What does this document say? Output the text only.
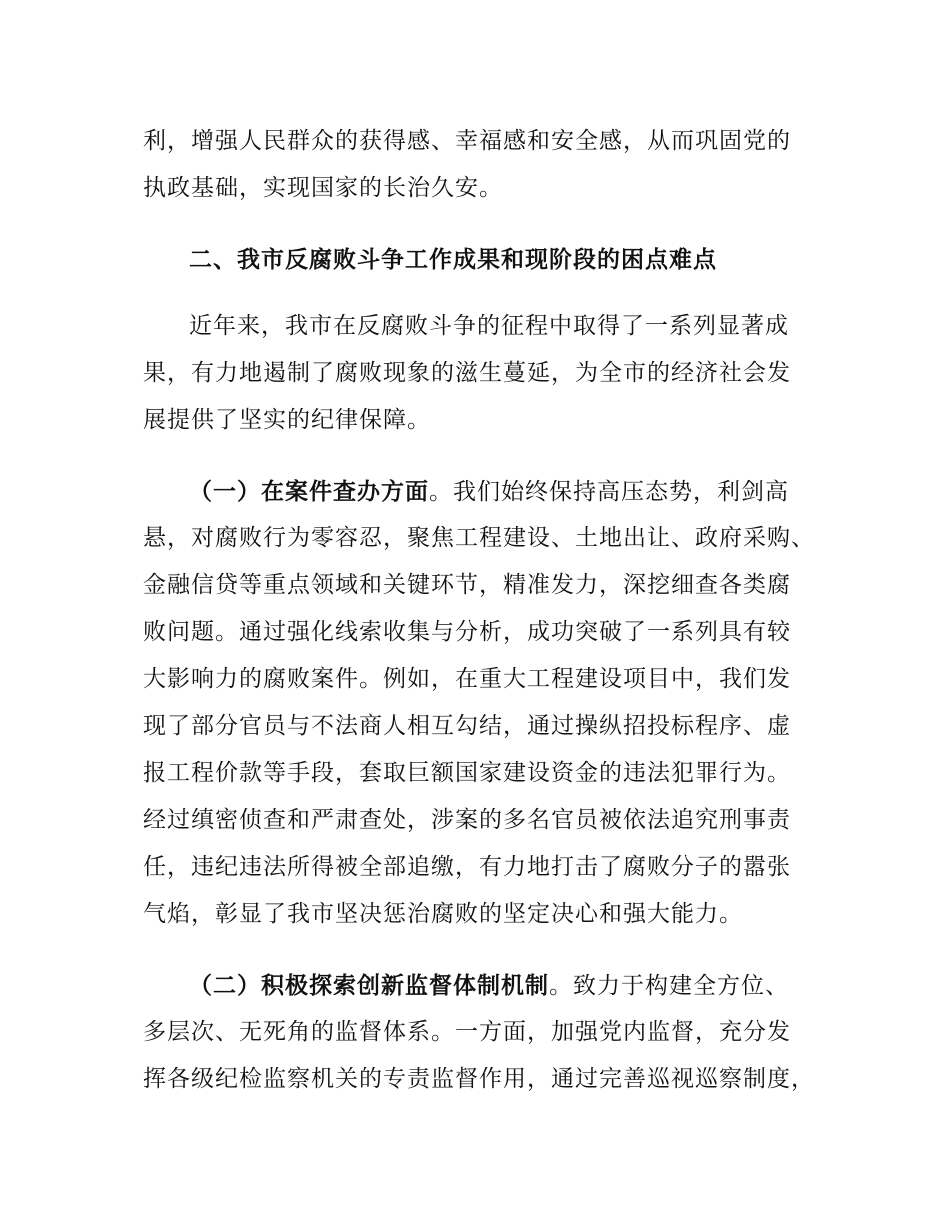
利，增强人民群众的获得感、幸福感和安全感，从而巩固党的
执政基础，实现国家的长治久安。
二、我市反腐败斗争工作成果和现阶段的困点难点
近年来，我市在反腐败斗争的征程中取得了一系列显著成
果，有力地遏制了腐败现象的滋生蔓延，为全市的经济社会发
展提供了坚实的纪律保障。
（一）在案件查办方面。我们始终保持高压态势，利剑高
悬，对腐败行为零容忍，聚焦工程建设、土地出让、政府采购、
金融信贷等重点领域和关键环节，精准发力，深挖细查各类腐
败问题。通过强化线索收集与分析，成功突破了一系列具有较
大影响力的腐败案件。例如，在重大工程建设项目中，我们发
现了部分官员与不法商人相互勾结，通过操纵招投标程序、虚
报工程价款等手段，套取巨额国家建设资金的违法犯罪行为。
经过缜密侦查和严肃查处，涉案的多名官员被依法追究刑事责
任，违纪违法所得被全部追缴，有力地打击了腐败分子的嚣张
气焰，彰显了我市坚决惩治腐败的坚定决心和强大能力。
（二）积极探索创新监督体制机制。致力于构建全方位、
多层次、无死角的监督体系。一方面，加强党内监督，充分发
挥各级纪检监察机关的专责监督作用，通过完善巡视巡察制度，
